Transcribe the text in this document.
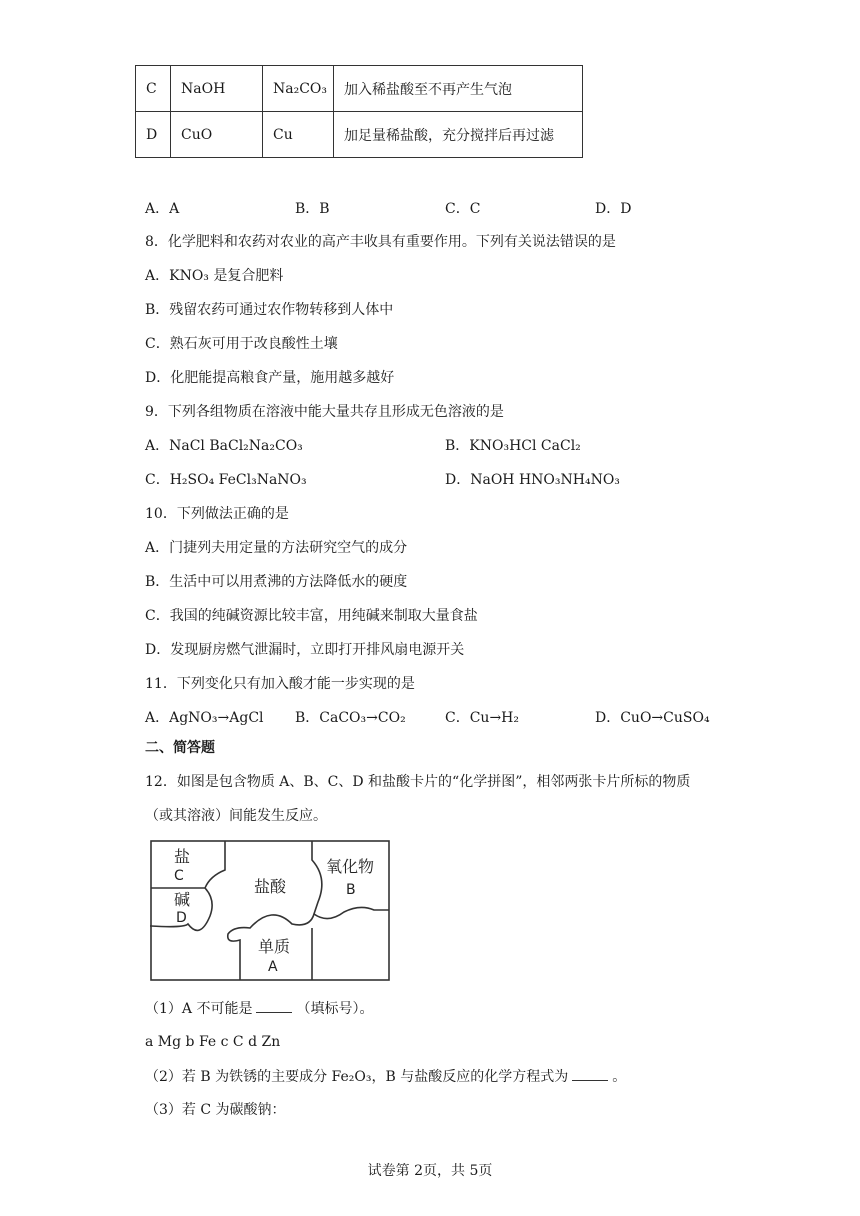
C	NaOH	Na₂CO₃	加入稀盐酸至不再产生气泡
D	CuO	Cu	加足量稀盐酸，充分搅拌后再过滤
A．A	B．B	C．C	D．D
8．化学肥料和农药对农业的高产丰收具有重要作用。下列有关说法错误的是
A．KNO₃ 是复合肥料
B．残留农药可通过农作物转移到人体中
C．熟石灰可用于改良酸性土壤
D．化肥能提高粮食产量，施用越多越好
9．下列各组物质在溶液中能大量共存且形成无色溶液的是
A．NaCl BaCl₂Na₂CO₃	B．KNO₃HCl CaCl₂
C．H₂SO₄ FeCl₃NaNO₃	D．NaOH HNO₃NH₄NO₃
10．下列做法正确的是
A．门捷列夫用定量的方法研究空气的成分
B．生活中可以用煮沸的方法降低水的硬度
C．我国的纯碱资源比较丰富，用纯碱来制取大量食盐
D．发现厨房燃气泄漏时，立即打开排风扇电源开关
11．下列变化只有加入酸才能一步实现的是
A．AgNO₃→AgCl B．CaCO₃→CO₂	C．Cu→H₂	D．CuO→CuSO₄
二、简答题
12．如图是包含物质 A、B、C、D 和盐酸卡片的“化学拼图”，相邻两张卡片所标的物质
（或其溶液）间能发生反应。
盐
C
碱
D
盐酸
氧化物
B
单质
A
（1）A 不可能是	（填标号）。
a Mg b Fe c C d Zn
（2）若 B 为铁锈的主要成分 Fe₂O₃，B 与盐酸反应的化学方程式为	。
（3）若 C 为碳酸钠：
试卷第 2页，共 5页
